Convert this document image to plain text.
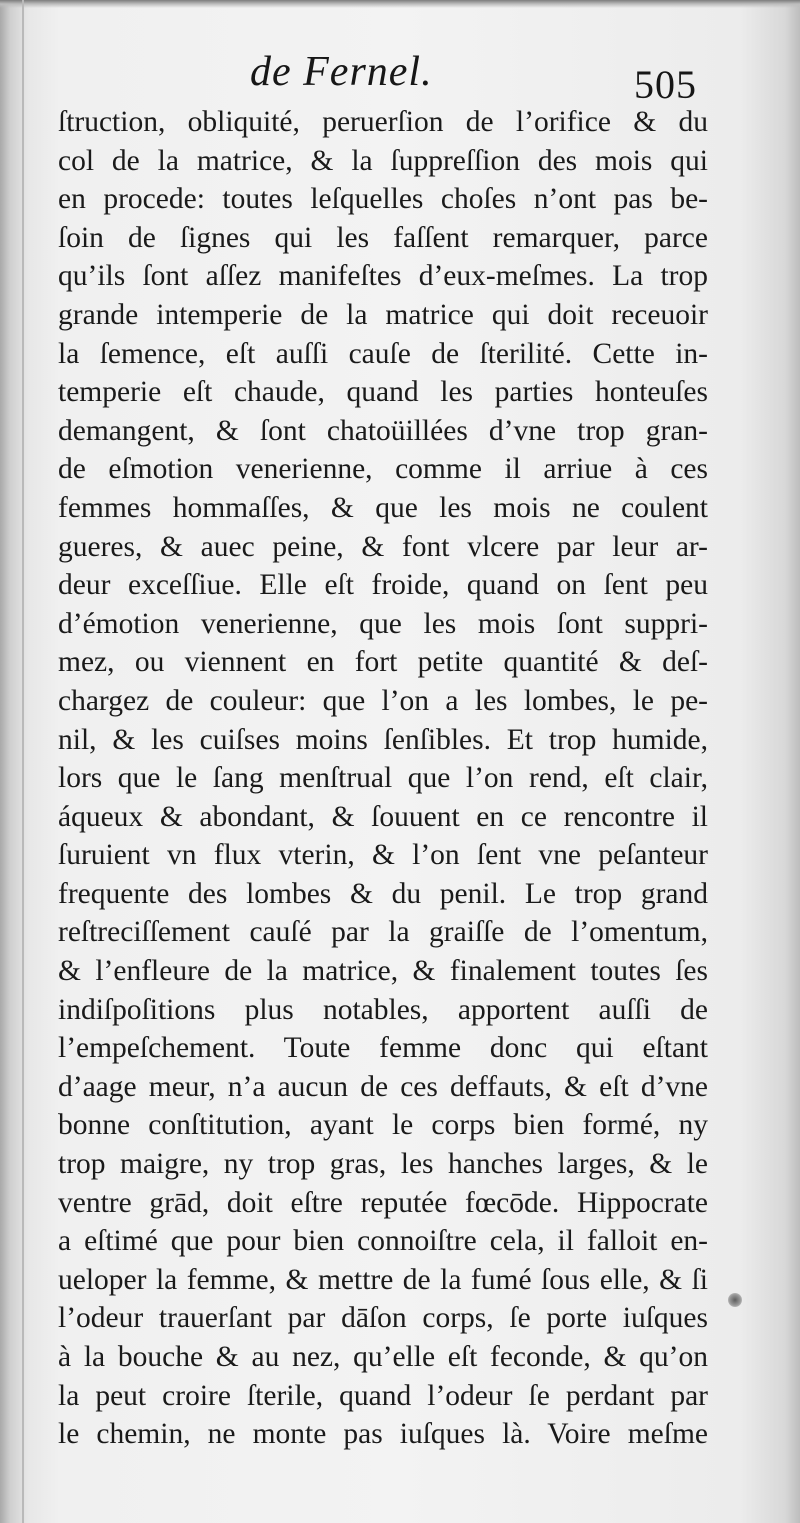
de Fernel.	505
ſtruction, obliquité, peruerſion de l’orifice & du
col de la matrice, & la ſuppreſſion des mois qui
en procede: toutes leſquelles choſes n’ont pas be-
ſoin de ſignes qui les faſſent remarquer, parce
qu’ils ſont aſſez manifeſtes d’eux-meſmes. La trop
grande intemperie de la matrice qui doit receuoir
la ſemence, eſt auſſi cauſe de ſterilité. Cette in-
temperie eſt chaude, quand les parties honteuſes
demangent, & ſont chatoüillées d’vne trop gran-
de eſmotion venerienne, comme il arriue à ces
femmes hommaſſes, & que les mois ne coulent
gueres, & auec peine, & font vlcere par leur ar-
deur exceſſiue. Elle eſt froide, quand on ſent peu
d’émotion venerienne, que les mois ſont suppri-
mez, ou viennent en fort petite quantité & deſ-
chargez de couleur: que l’on a les lombes, le pe-
nil, & les cuiſses moins ſenſibles. Et trop humide,
lors que le ſang menſtrual que l’on rend, eſt clair,
áqueux & abondant, & ſouuent en ce rencontre il
ſuruient vn flux vterin, & l’on ſent vne peſanteur
frequente des lombes & du penil. Le trop grand
reſtreciſſement cauſé par la graiſſe de l’omentum,
& l’enfleure de la matrice, & finalement toutes ſes
indiſpoſitions plus notables, apportent auſſi de
l’empeſchement. Toute femme donc qui eſtant
d’aage meur, n’a aucun de ces deffauts, & eſt d’vne
bonne conſtitution, ayant le corps bien formé, ny
trop maigre, ny trop gras, les hanches larges, & le
ventre grād, doit eſtre reputée fœcōde. Hippocrate
a eſtimé que pour bien connoiſtre cela, il falloit en-
ueloper la femme, & mettre de la fumé ſous elle, & ſi
l’odeur trauerſant par dāſon corps, ſe porte iuſques
à la bouche & au nez, qu’elle eſt feconde, & qu’on
la peut croire ſterile, quand l’odeur ſe perdant par
le chemin, ne monte pas iuſques là. Voire meſme
